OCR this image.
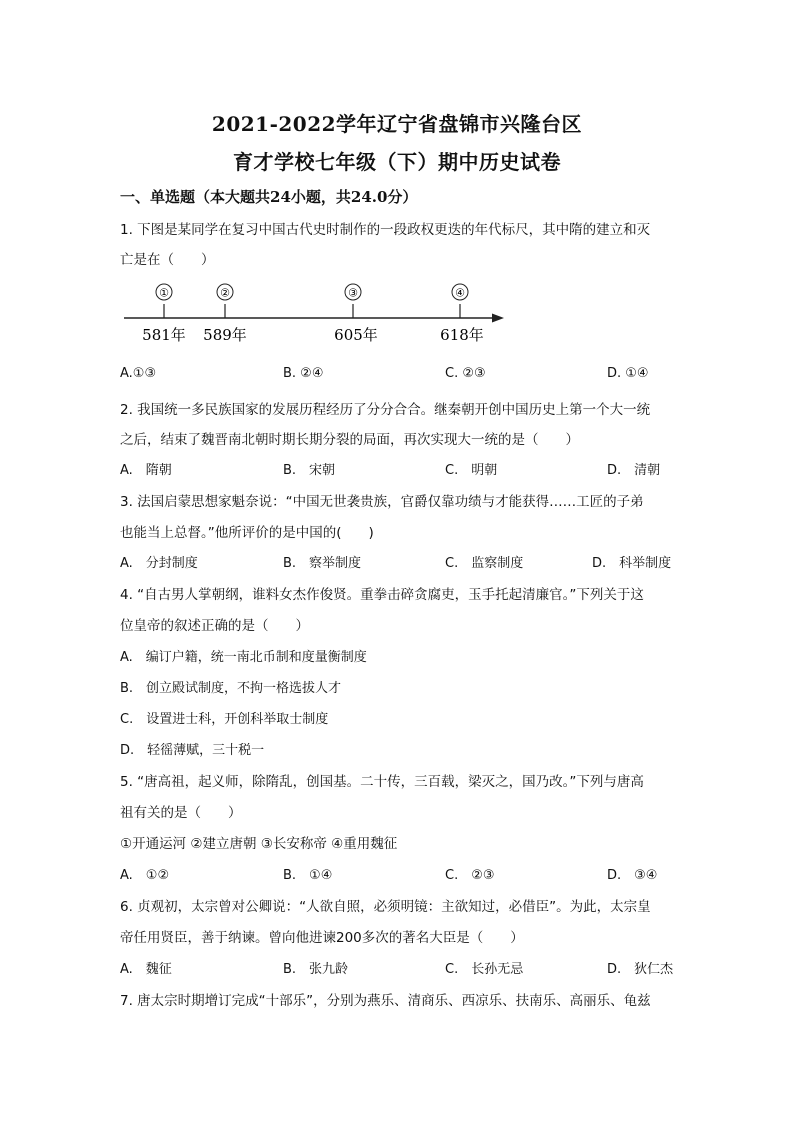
2021-2022学年辽宁省盘锦市兴隆台区
育才学校七年级（下）期中历史试卷
一、单选题（本大题共24小题，共24.0分）
1. 下图是某同学在复习中国古代史时制作的一段政权更迭的年代标尺，其中隋的建立和灭
亡是在（　　）
①
581年
②
589年
③
605年
④
618年
A.①③	B. ②④	C. ②③	D. ①④
2. 我国统一多民族国家的发展历程经历了分分合合。继秦朝开创中国历史上第一个大一统
之后，结束了魏晋南北朝时期长期分裂的局面，再次实现大一统的是（　　）
A.　隋朝	B.　宋朝	C.　明朝	D.　清朝
3. 法国启蒙思想家魁奈说：“中国无世袭贵族，官爵仅靠功绩与才能获得……工匠的子弟
也能当上总督。”他所评价的是中国的(　　)
A.　分封制度	B.　察举制度	C.　监察制度	D.　科举制度
4. “自古男人掌朝纲，谁料女杰作俊贤。重拳击碎贪腐吏，玉手托起清廉官。”下列关于这
位皇帝的叙述正确的是（　　）
A.　编订户籍，统一南北币制和度量衡制度
B.　创立殿试制度，不拘一格选拔人才
C.　设置进士科，开创科举取士制度
D.　轻徭薄赋，三十税一
5. “唐高祖，起义师，除隋乱，创国基。二十传，三百载，梁灭之，国乃改。”下列与唐高
祖有关的是（　　）
①开通运河 ②建立唐朝 ③长安称帝 ④重用魏征
A.　①②	B.　①④	C.　②③	D.　③④
6. 贞观初，太宗曾对公卿说：“人欲自照，必须明镜：主欲知过，必借臣”。为此，太宗皇
帝任用贤臣，善于纳谏。曾向他进谏200多次的著名大臣是（　　）
A.　魏征	B.　张九龄	C.　长孙无忌	D.　狄仁杰
7. 唐太宗时期增订完成“十部乐”，分别为燕乐、清商乐、西凉乐、扶南乐、高丽乐、龟兹
